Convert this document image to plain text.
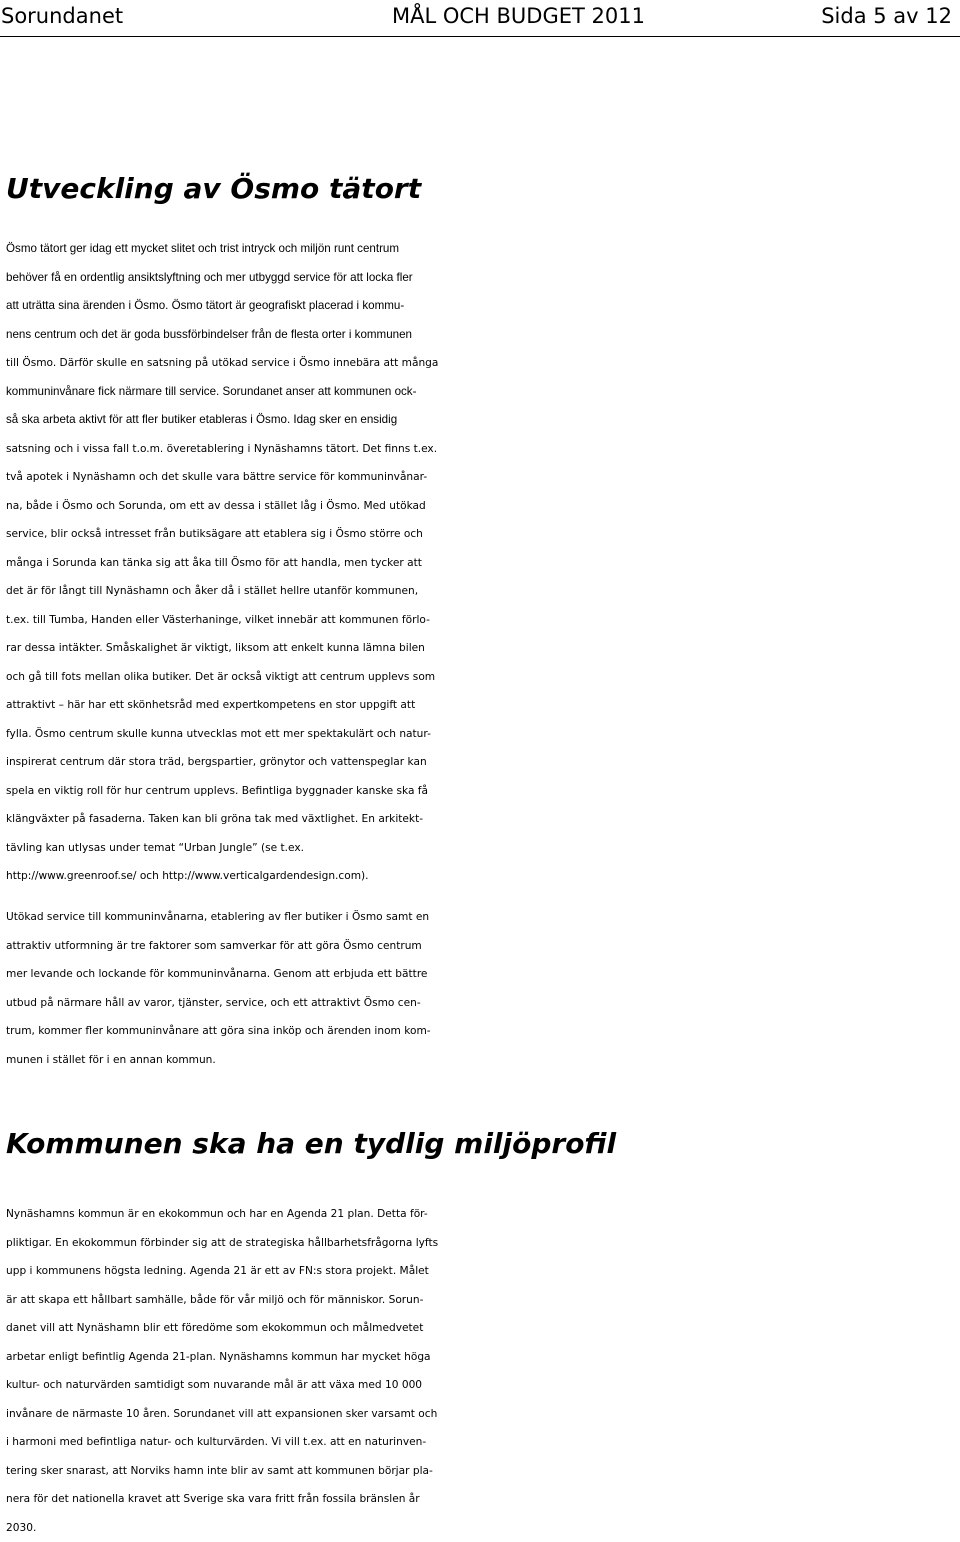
Sorundanet	MÅL OCH BUDGET 2011	Sida 5 av 12
Utveckling av Ösmo tätort
Ösmo tätort ger idag ett mycket slitet och trist intryck och miljön runt centrum
behöver få en ordentlig ansiktslyftning och mer utbyggd service för att locka fler
att uträtta sina ärenden i Ösmo. Ösmo tätort är geografiskt placerad i kommu-
nens centrum och det är goda bussförbindelser från de flesta orter i kommunen
till Ösmo. Därför skulle en satsning på utökad service i Ösmo innebära att många
kommuninvånare fick närmare till service. Sorundanet anser att kommunen ock-
så ska arbeta aktivt för att fler butiker etableras i Ösmo. Idag sker en ensidig
satsning och i vissa fall t.o.m. överetablering i Nynäshamns tätort. Det finns t.ex.
två apotek i Nynäshamn och det skulle vara bättre service för kommuninvånar-
na, både i Ösmo och Sorunda, om ett av dessa i stället låg i Ösmo. Med utökad
service, blir också intresset från butiksägare att etablera sig i Ösmo större och
många i Sorunda kan tänka sig att åka till Ösmo för att handla, men tycker att
det är för långt till Nynäshamn och åker då i stället hellre utanför kommunen,
t.ex. till Tumba, Handen eller Västerhaninge, vilket innebär att kommunen förlo-
rar dessa intäkter. Småskalighet är viktigt, liksom att enkelt kunna lämna bilen
och gå till fots mellan olika butiker. Det är också viktigt att centrum upplevs som
attraktivt – här har ett skönhetsråd med expertkompetens en stor uppgift att
fylla. Ösmo centrum skulle kunna utvecklas mot ett mer spektakulärt och natur-
inspirerat centrum där stora träd, bergspartier, grönytor och vattenspeglar kan
spela en viktig roll för hur centrum upplevs. Befintliga byggnader kanske ska få
klängväxter på fasaderna. Taken kan bli gröna tak med växtlighet. En arkitekt-
tävling kan utlysas under temat “Urban Jungle” (se t.ex.
http://www.greenroof.se/ och http://www.verticalgardendesign.com).
Utökad service till kommuninvånarna, etablering av fler butiker i Ösmo samt en
attraktiv utformning är tre faktorer som samverkar för att göra Ösmo centrum
mer levande och lockande för kommuninvånarna. Genom att erbjuda ett bättre
utbud på närmare håll av varor, tjänster, service, och ett attraktivt Ösmo cen-
trum, kommer fler kommuninvånare att göra sina inköp och ärenden inom kom-
munen i stället för i en annan kommun.
Kommunen ska ha en tydlig miljöprofil
Nynäshamns kommun är en ekokommun och har en Agenda 21 plan. Detta för-
pliktigar. En ekokommun förbinder sig att de strategiska hållbarhetsfrågorna lyfts
upp i kommunens högsta ledning. Agenda 21 är ett av FN:s stora projekt. Målet
är att skapa ett hållbart samhälle, både för vår miljö och för människor. Sorun-
danet vill att Nynäshamn blir ett föredöme som ekokommun och målmedvetet
arbetar enligt befintlig Agenda 21-plan. Nynäshamns kommun har mycket höga
kultur- och naturvärden samtidigt som nuvarande mål är att växa med 10 000
invånare de närmaste 10 åren. Sorundanet vill att expansionen sker varsamt och
i harmoni med befintliga natur- och kulturvärden. Vi vill t.ex. att en naturinven-
tering sker snarast, att Norviks hamn inte blir av samt att kommunen börjar pla-
nera för det nationella kravet att Sverige ska vara fritt från fossila bränslen år
2030.
